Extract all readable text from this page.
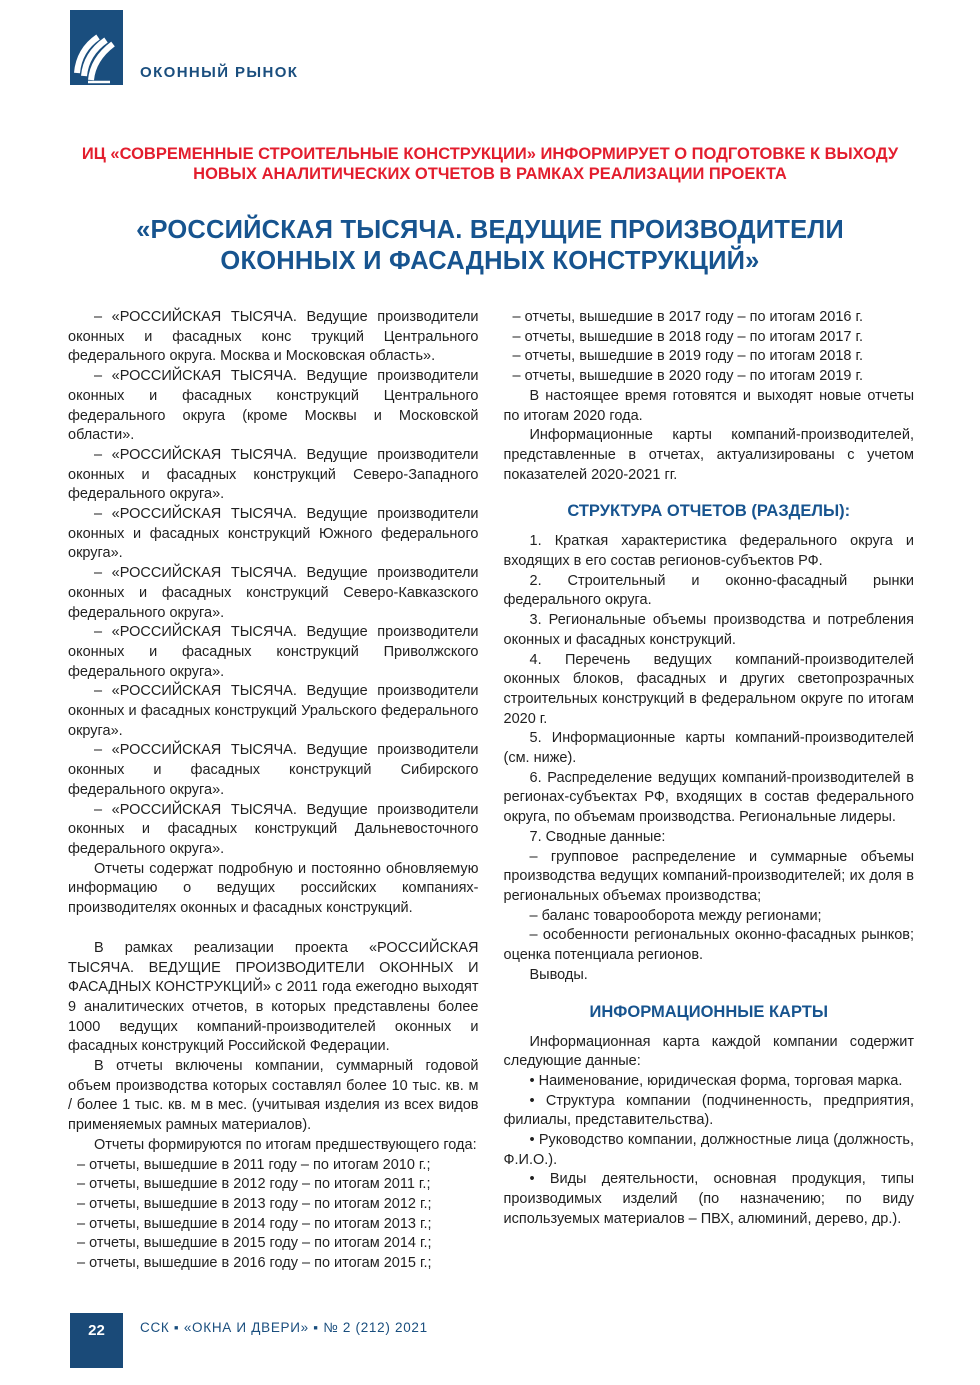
ОКОННЫЙ РЫНОК
ИЦ «СОВРЕМЕННЫЕ СТРОИТЕЛЬНЫЕ КОНСТРУКЦИИ» ИНФОРМИРУЕТ О ПОДГОТОВКЕ К ВЫХОДУ НОВЫХ АНАЛИТИЧЕСКИХ ОТЧЕТОВ В РАМКАХ РЕАЛИЗАЦИИ ПРОЕКТА
«РОССИЙСКАЯ ТЫСЯЧА. ВЕДУЩИЕ ПРОИЗВОДИТЕЛИ ОКОННЫХ И ФАСАДНЫХ КОНСТРУКЦИЙ»

– «РОССИЙСКАЯ ТЫСЯЧА. Ведущие производители оконных и фасадных конс трукций Центрального федерального округа. Москва и Московская область».

– «РОССИЙСКАЯ ТЫСЯЧА. Ведущие производители оконных и фасадных конструкций Центрального федерального округа (кроме Москвы и Московской области».

– «РОССИЙСКАЯ ТЫСЯЧА. Ведущие производители оконных и фасадных конструкций Северо-Западного федерального округа».

– «РОССИЙСКАЯ ТЫСЯЧА. Ведущие производители оконных и фасадных конструкций Южного федерального округа».

– «РОССИЙСКАЯ ТЫСЯЧА. Ведущие производители оконных и фасадных конструкций Северо-Кавказского федерального округа».

– «РОССИЙСКАЯ ТЫСЯЧА. Ведущие производители оконных и фасадных конструкций Приволжского федерального округа».

– «РОССИЙСКАЯ ТЫСЯЧА. Ведущие производители оконных и фасадных конструкций Уральского федерального округа».

– «РОССИЙСКАЯ ТЫСЯЧА. Ведущие производители оконных и фасадных конструкций Сибирского федерального округа».

– «РОССИЙСКАЯ ТЫСЯЧА. Ведущие производители оконных и фасадных конструкций Дальневосточного федерального округа».

Отчеты содержат подробную и постоянно обновляемую информацию о ведущих российских компаниях-производителях оконных и фасадных конструкций.

В рамках реализации проекта «РОССИЙСКАЯ ТЫСЯЧА. ВЕДУЩИЕ ПРОИЗВОДИТЕЛИ ОКОННЫХ И ФАСАДНЫХ КОНСТРУКЦИЙ» с 2011 года ежегодно выходят 9 аналитических отчетов, в которых представлены более 1000 ведущих компаний-производителей оконных и фасадных конструкций Российской Федерации.

В отчеты включены компании, суммарный годовой объем производства которых составлял более 10 тыс. кв. м / более 1 тыс. кв. м в мес. (учитывая изделия из всех видов применяемых рамных материалов).

Отчеты формируются по итогам предшествующего года:

– отчеты, вышедшие в 2011 году – по итогам 2010 г.;

– отчеты, вышедшие в 2012 году – по итогам 2011 г.;

– отчеты, вышедшие в 2013 году – по итогам 2012 г.;

– отчеты, вышедшие в 2014 году – по итогам 2013 г.;

– отчеты, вышедшие в 2015 году – по итогам 2014 г.;

– отчеты, вышедшие в 2016 году – по итогам 2015 г.;

– отчеты, вышедшие в 2017 году – по итогам 2016 г.

– отчеты, вышедшие в 2018 году – по итогам 2017 г.

– отчеты, вышедшие в 2019 году – по итогам 2018 г.

– отчеты, вышедшие в 2020 году – по итогам 2019 г.

В настоящее время готовятся и выходят новые отчеты по итогам 2020 года.

Информационные карты компаний-производителей, представленные в отчетах, актуализированы с учетом показателей 2020-2021 гг.

СТРУКТУРА ОТЧЕТОВ (РАЗДЕЛЫ):

1. Краткая характеристика федерального округа и входящих в его состав регионов-субъектов РФ.

2. Строительный и оконно-фасадный рынки федерального округа.

3. Региональные объемы производства и потребления оконных и фасадных конструкций.

4. Перечень ведущих компаний-производителей оконных блоков, фасадных и других светопрозрачных строительных конструкций в федеральном округе по итогам 2020 г.

5. Информационные карты компаний-производителей (см. ниже).

6. Распределение ведущих компаний-производителей в регионах-субъектах РФ, входящих в состав федерального округа, по объемам производства. Региональные лидеры.

7. Сводные данные:

– групповое распределение и суммарные объемы производства ведущих компаний-производителей; их доля в региональных объемах производства;

– баланс товарооборота между регионами;

– особенности региональных оконно-фасадных рынков; оценка потенциала регионов.

Выводы.

ИНФОРМАЦИОННЫЕ КАРТЫ

Информационная карта каждой компании содержит следующие данные:

• Наименование, юридическая форма, торговая марка.

• Структура компании (подчиненность, предприятия, филиалы, представительства).

• Руководство компании, должностные лица (должность, Ф.И.О.).

• Виды деятельности, основная продукция, типы производимых изделий (по назначению; по виду используемых материалов – ПВХ, алюминий, дерево, др.).

22	ССК ▪ «ОКНА И ДВЕРИ» ▪ № 2 (212) 2021
